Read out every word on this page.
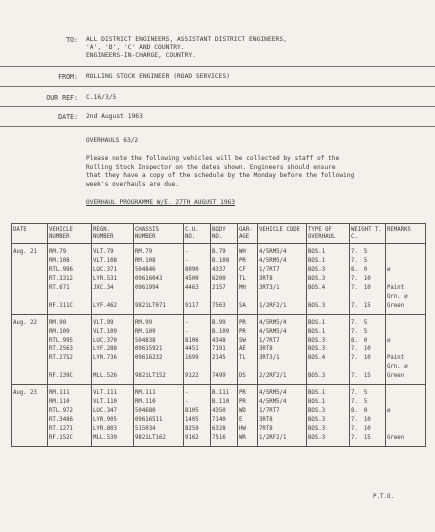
TO: ALL DISTRICT ENGINEERS, ASSISTANT DISTRICT ENGINEERS,
'A', 'B', 'C' AND COUNTRY.
ENGINEERS-IN-CHARGE, COUNTRY.
FROM: ROLLING STOCK ENGINEER (ROAD SERVICES)
OUR REF: C.16/3/5
DATE: 2nd August 1963
OVERHAULS 63/2
Please note the following vehicles will be collected by staff of the
Rolling Stock Inspector on the dates shown. Engineers should ensure
that they have a copy of the schedule by the Monday before the following
week's overhauls are due.
OVERHAUL PROGRAMME W/E. 27TH AUGUST 1963
DATE	VEHICLE NUMBER	REGN. NUMBER	CHASSIS NUMBER	C.U. NO.	BODY NO.	GAR- AGE	VEHICLE CODE	TYPE OF OVERHAUL	WEIGHT T. C.	REMARKS
Aug. 21	RM.79	VLT.79	RM.79	-	B.79	WH	4/5RM5/4	BOS.1	7. 5	
	RM.108	VLT.108	RM.108	-	B.108	PR	4/5RM5/4	BOS.1	7. 5	
	RTL.996	LUC.371	504846	8090	4337	CF	1/7RT7	BOS.3	8. 0	∅
	RT.3312	LYR.531	09616043	4500	6200	TL	3RT8	BOS.3	7. 10	
	RT.671	JXC.34	0961994	4463	2157	MH	3RT3/1	BOS.4	7. 10	Paint
										Grn. ∅
	RF.111C	LYF.462	9821LT071	9117	7563	SA	1/2RF2/1	BOS.3	7. 15	Green
Aug. 22	RM.90	VLT.99	RM.99	-	B.99	PR	4/5RM5/4	BOS.1	7. 5	
	RM.109	VLT.109	RM.109	-	B.109	PR	4/5RM5/4	BOS.1	7. 5	
	RTL.995	LUC.370	504838	8106	4348	SW	1/7RT7	BOS.3	8. 0	∅
	RT.2563	LYF.288	09615921	4451	7191	AE	3RT8	BOS.3	7. 10	
	RT.2752	LYR.736	09616232	1699	2145	TL	3RT3/1	BOS.4	7. 10	Paint
										Grn. ∅
	RF.139C	MLL.526	9821LT152	9122	7499	DS	2/2RF2/1	BOS.3	7. 15	Green
Aug. 23	RM.111	VLT.111	RM.111	-	B.111	PR	4/5RM5/4	BOS.1	7. 5	
	RM.110	VLT.110	RM.110	-	B.110	PR	4/5RM5/4	BOS.1	7. 5	
	RTL.972	LUC.347	504680	8105	4350	WD	1/7RT7	BOS.3	8. 0	∅
	RT.3486	LYR.905	09616511	1405	7140	E	3RT8	BOS.3	7. 10	
	RT.1271	LYR.803	515034	8259	6328	HW	7RT8	BOS.3	7. 10	
	RF.152C	MLL.539	9821LT162	9162	7516	WR	1/2RF2/1	BOS.3	7. 15	Green
P.T.O.
